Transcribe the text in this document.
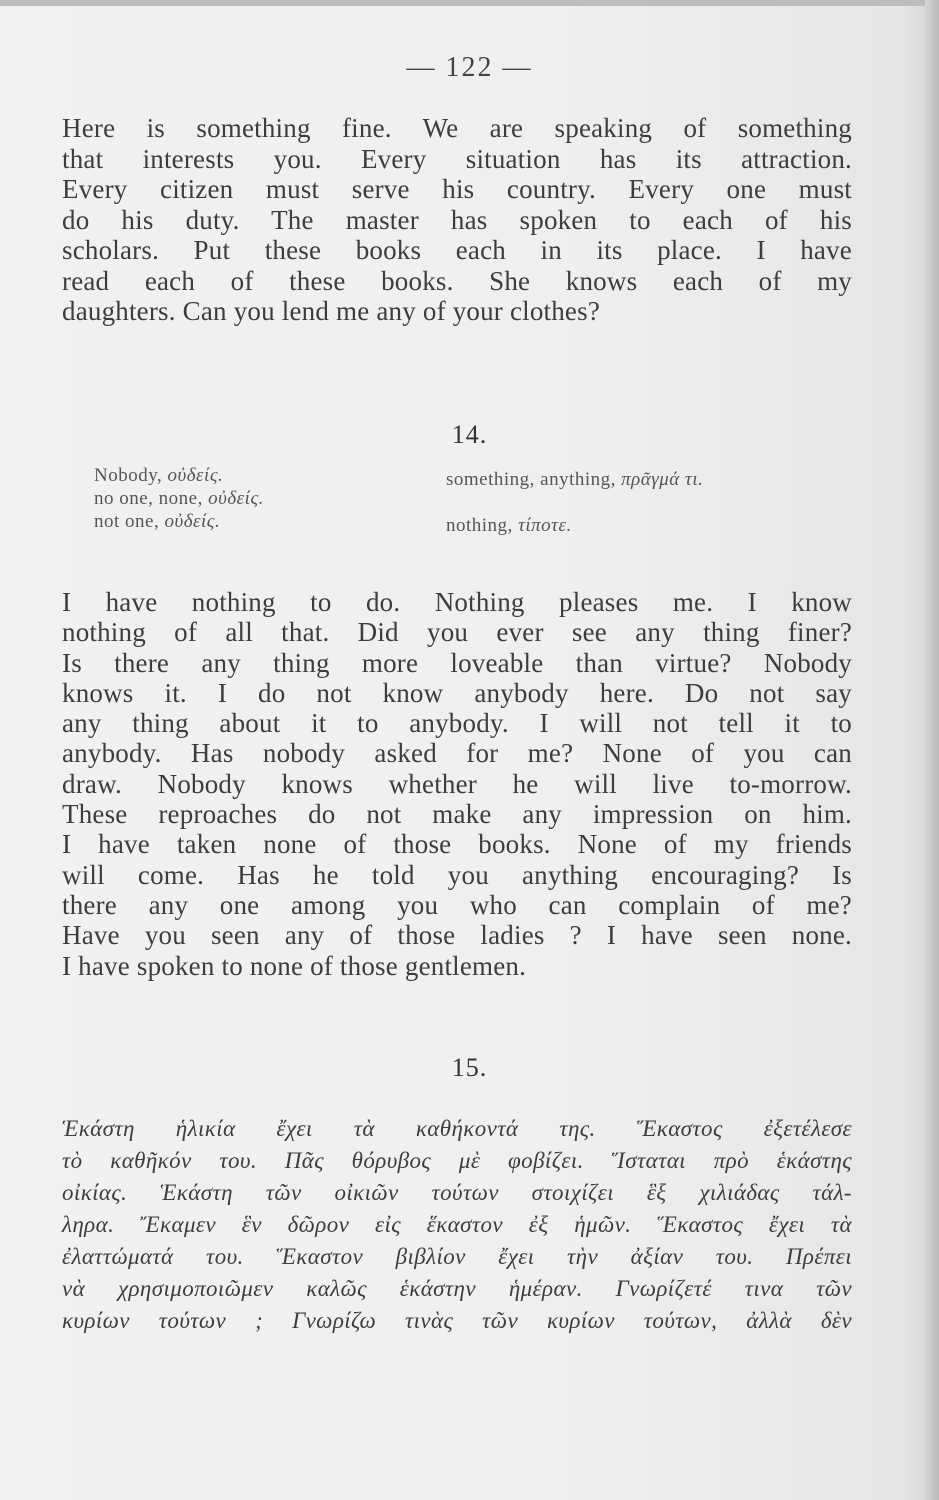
— 122 —
Here is something fine. We are speaking of something
that interests you. Every situation has its attraction.
Every citizen must serve his country. Every one must
do his duty. The master has spoken to each of his
scholars. Put these books each in its place. I have
read each of these books. She knows each of my
daughters. Can you lend me any of your clothes?
14.
Nobody, οὐδείς.
no one, none, οὐδείς.
not one, οὐδείς.
something, anything, πρᾶγμά τι.
nothing, τίποτε.
I have nothing to do. Nothing pleases me. I know
nothing of all that. Did you ever see any thing finer?
Is there any thing more loveable than virtue? Nobody
knows it. I do not know anybody here. Do not say
any thing about it to anybody. I will not tell it to
anybody. Has nobody asked for me? None of you can
draw. Nobody knows whether he will live to-morrow.
These reproaches do not make any impression on him.
I have taken none of those books. None of my friends
will come. Has he told you anything encouraging? Is
there any one among you who can complain of me?
Have you seen any of those ladies ? I have seen none.
I have spoken to none of those gentlemen.
15.
Ἑκάστη ἡλικία ἔχει τὰ καθήκοντά της. Ἕκαστος ἐξετέλεσε
τὸ καθῆκόν του. Πᾶς θόρυβος μὲ φοβίζει. Ἵσταται πρὸ ἑκάστης
οἰκίας. Ἑκάστη τῶν οἰκιῶν τούτων στοιχίζει ἓξ χιλιάδας τάλ-
ληρα. Ἔκαμεν ἓν δῶρον εἰς ἕκαστον ἐξ ἡμῶν. Ἕκαστος ἔχει τὰ
ἐλαττώματά του. Ἕκαστον βιβλίον ἔχει τὴν ἀξίαν του. Πρέπει
νὰ χρησιμοποιῶμεν καλῶς ἑκάστην ἡμέραν. Γνωρίζετέ τινα τῶν
κυρίων τούτων ; Γνωρίζω τινὰς τῶν κυρίων τούτων, ἀλλὰ δὲν
